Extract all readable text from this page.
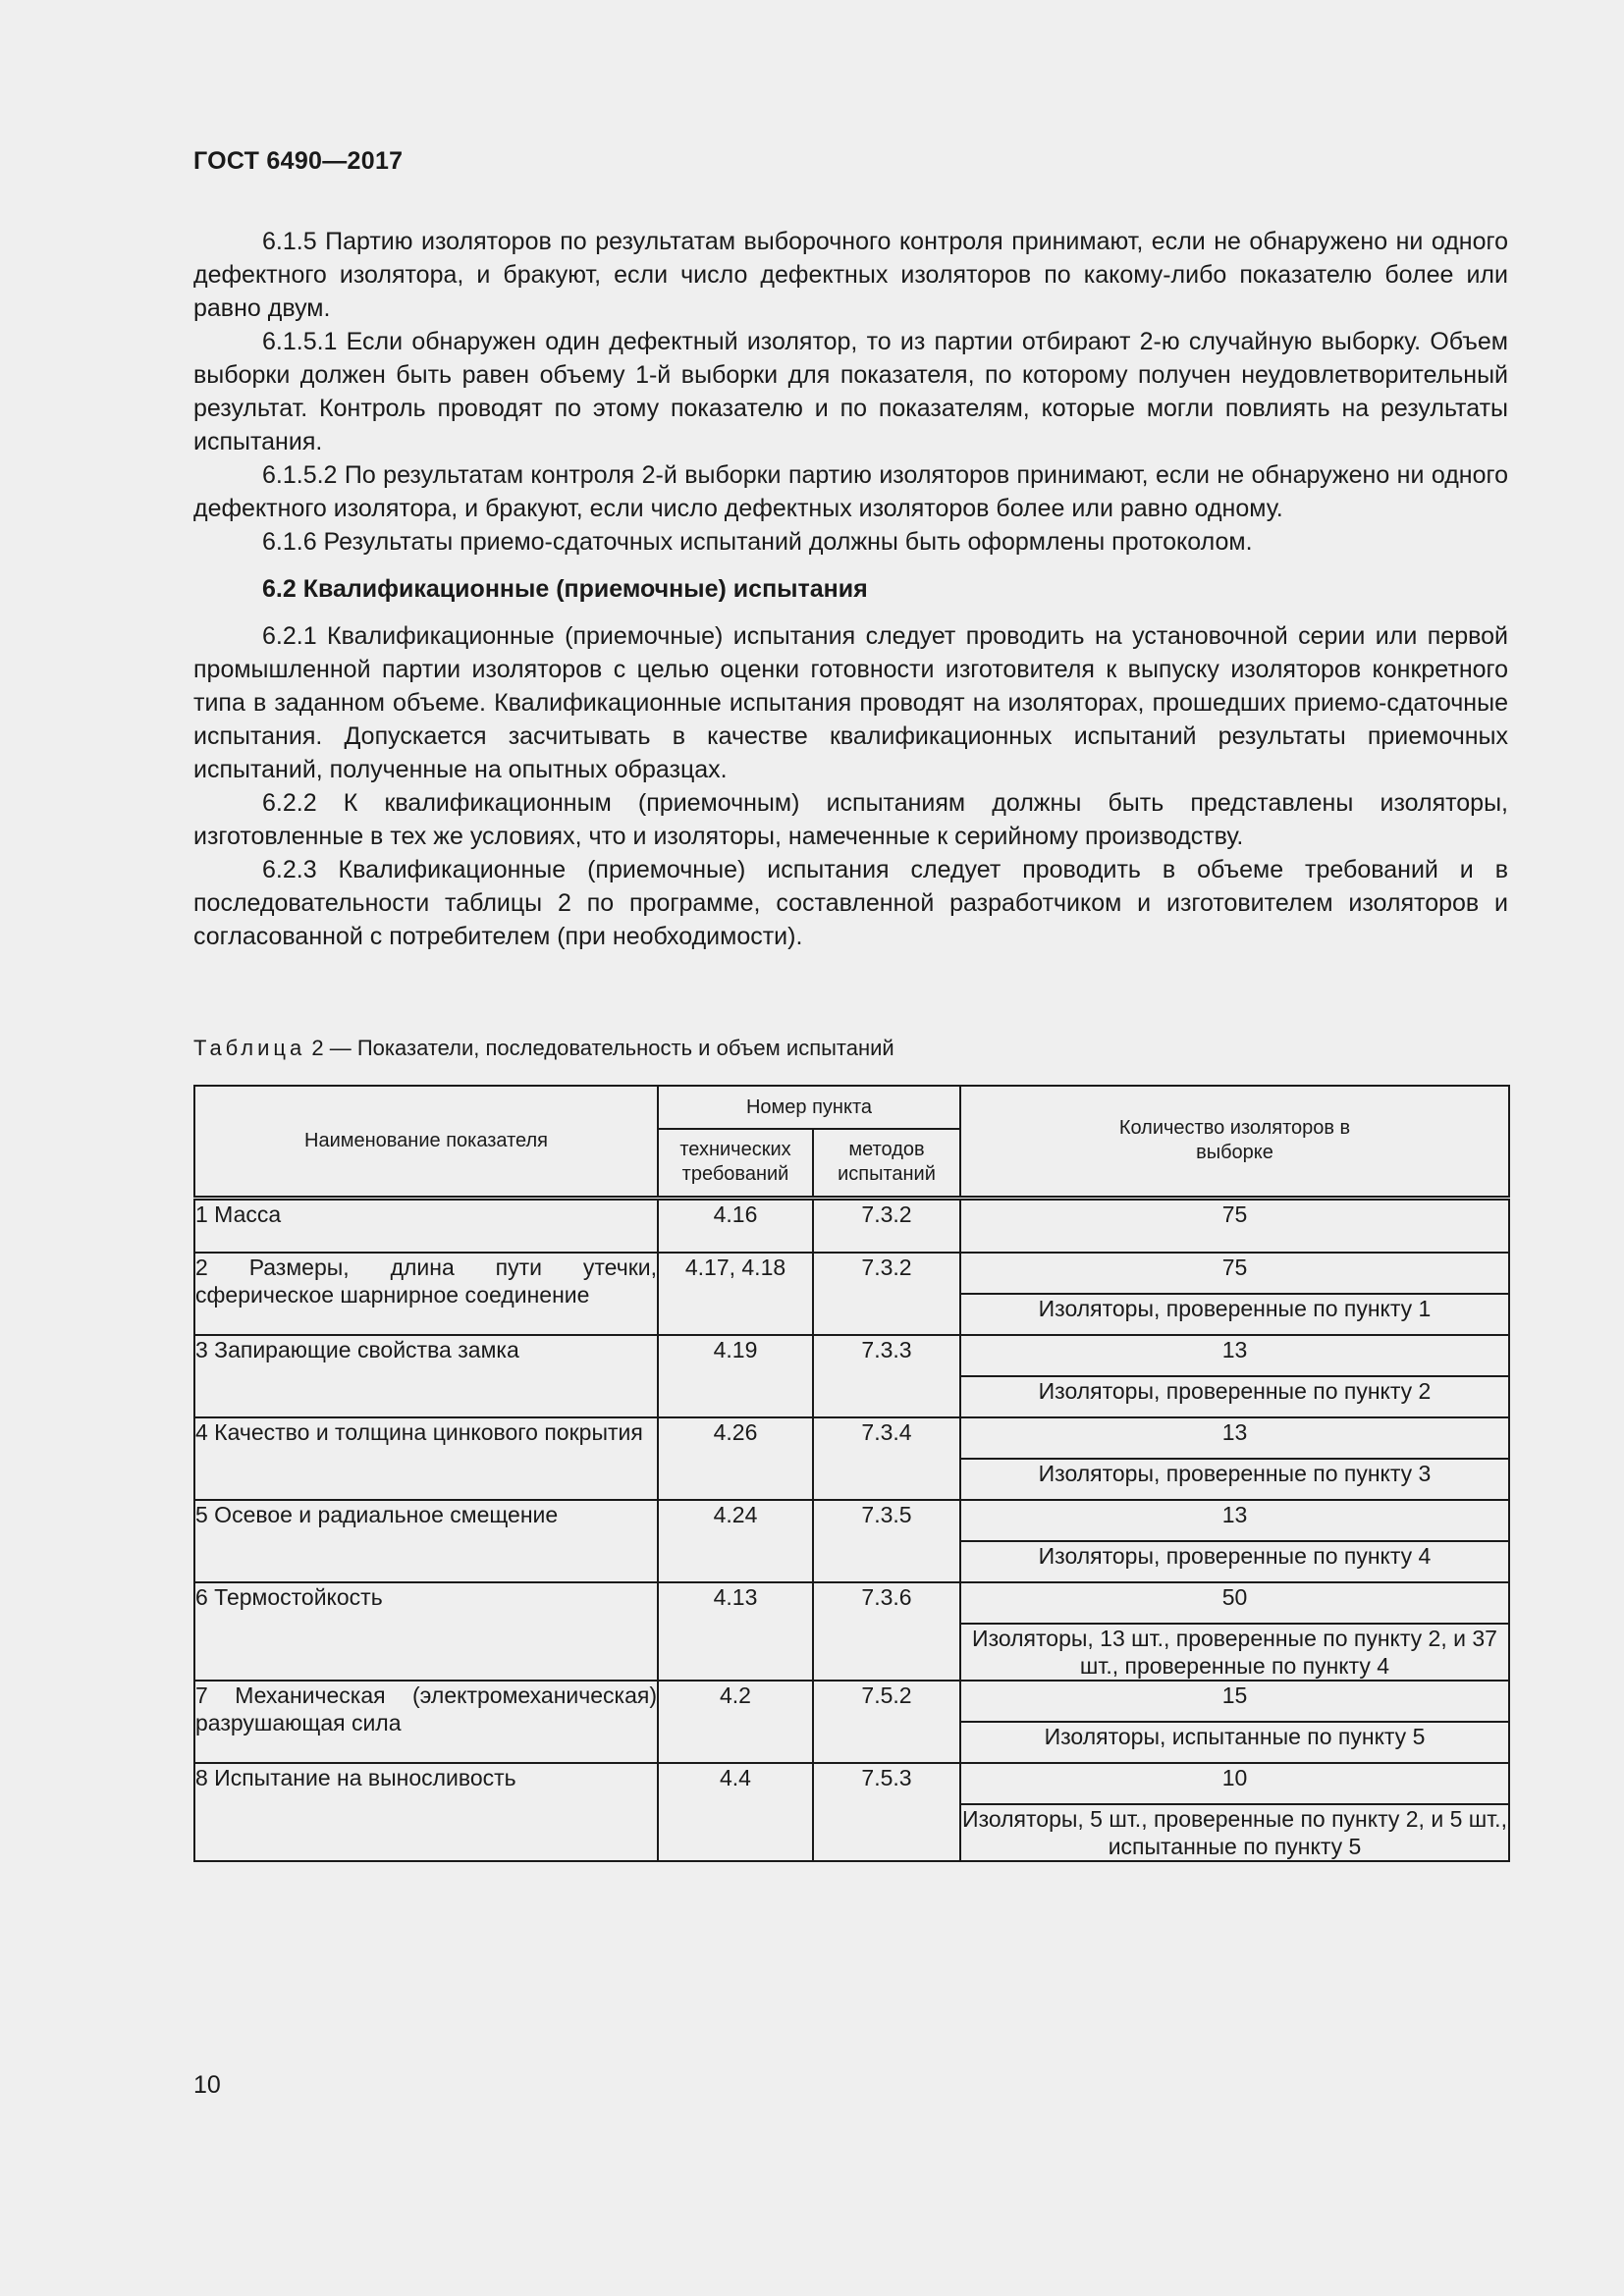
ГОСТ 6490—2017

6.1.5 Партию изоляторов по результатам выборочного контроля принимают, если не обнаружено ни одного дефектного изолятора, и бракуют, если число дефектных изоляторов по какому-либо показателю более или равно двум.

6.1.5.1 Если обнаружен один дефектный изолятор, то из партии отбирают 2-ю случайную выборку. Объем выборки должен быть равен объему 1-й выборки для показателя, по которому получен неудовлетворительный результат. Контроль проводят по этому показателю и по показателям, которые могли повлиять на результаты испытания.

6.1.5.2 По результатам контроля 2-й выборки партию изоляторов принимают, если не обнаружено ни одного дефектного изолятора, и бракуют, если число дефектных изоляторов более или равно одному.

6.1.6 Результаты приемо-сдаточных испытаний должны быть оформлены протоколом.

6.2 Квалификационные (приемочные) испытания

6.2.1 Квалификационные (приемочные) испытания следует проводить на установочной серии или первой промышленной партии изоляторов с целью оценки готовности изготовителя к выпуску изоляторов конкретного типа в заданном объеме. Квалификационные испытания проводят на изоляторах, прошедших приемо-сдаточные испытания. Допускается засчитывать в качестве квалификационных испытаний результаты приемочных испытаний, полученные на опытных образцах.

6.2.2 К квалификационным (приемочным) испытаниям должны быть представлены изоляторы, изготовленные в тех же условиях, что и изоляторы, намеченные к серийному производству.

6.2.3 Квалификационные (приемочные) испытания следует проводить в объеме требований и в последовательности таблицы 2 по программе, составленной разработчиком и изготовителем изоляторов и согласованной с потребителем (при необходимости).

Таблица 2 — Показатели, последовательность и объем испытаний
Наименование показателя	Номер пункта		Количество изоляторов в выборке
	технических требований	методов испытаний	
1 Масса	4.16	7.3.2	75
2 Размеры, длина пути утечки, сферическое шарнирное соединение	4.17, 4.18	7.3.2	75
			Изоляторы, проверенные по пункту 1
3 Запирающие свойства замка	4.19	7.3.3	13
			Изоляторы, проверенные по пункту 2
4 Качество и толщина цинкового покрытия	4.26	7.3.4	13
			Изоляторы, проверенные по пункту 3
5 Осевое и радиальное смещение	4.24	7.3.5	13
			Изоляторы, проверенные по пункту 4
6 Термостойкость	4.13	7.3.6	50
			Изоляторы, 13 шт., проверенные по пункту 2, и 37 шт., проверенные по пункту 4
7 Механическая (электромеханическая) разрушающая сила	4.2	7.5.2	15
			Изоляторы, испытанные по пункту 5
8 Испытание на выносливость	4.4	7.5.3	10
			Изоляторы, 5 шт., проверенные по пункту 2, и 5 шт., испытанные по пункту 5
10
